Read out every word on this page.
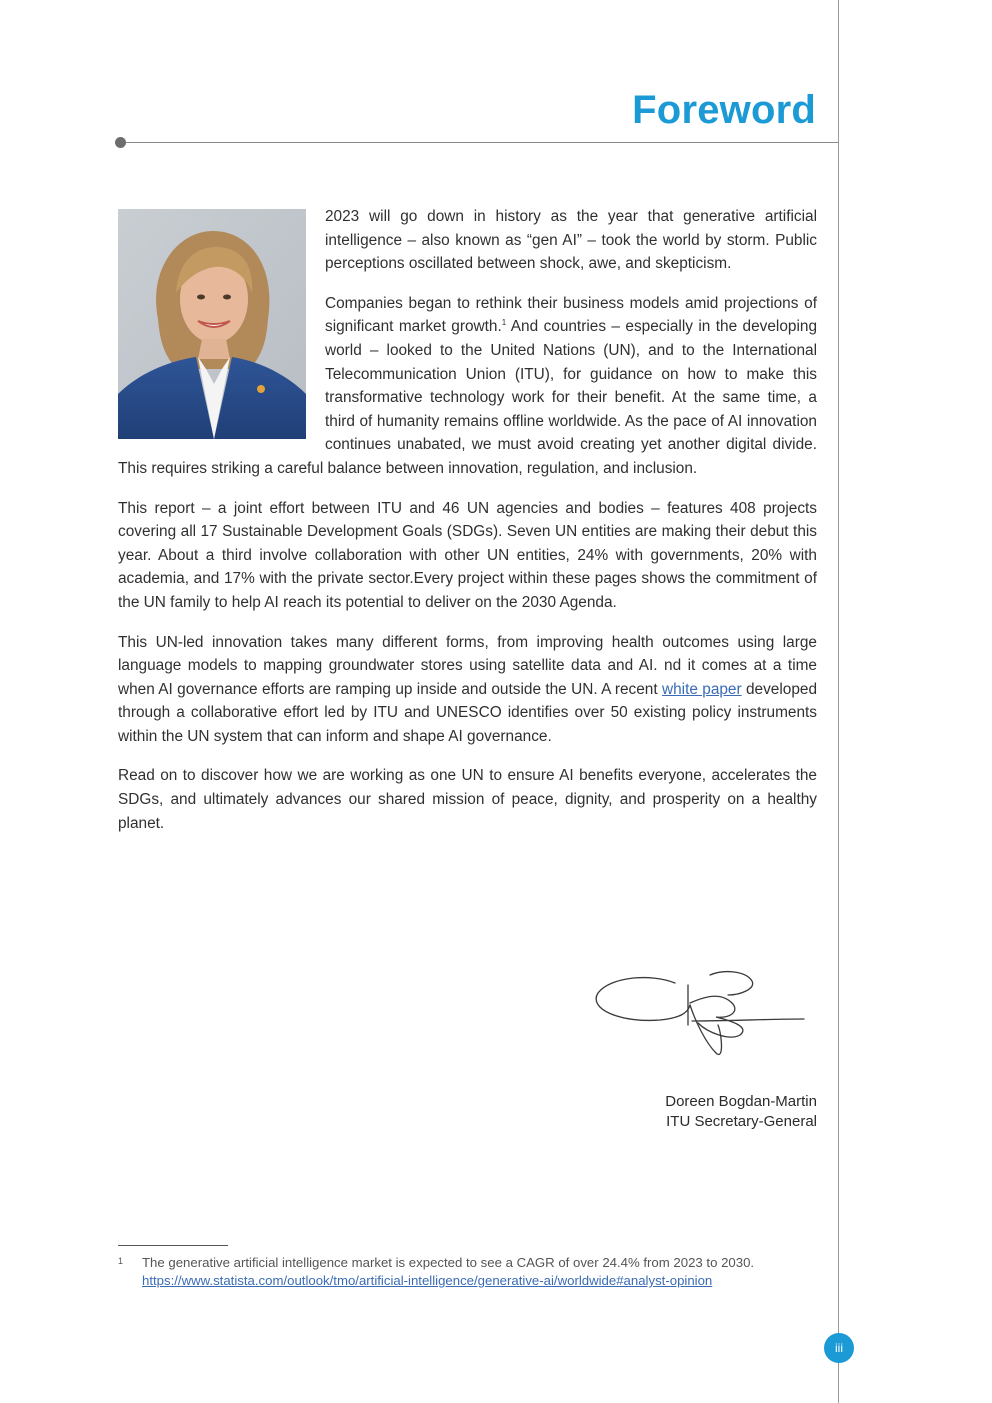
Foreword

2023 will go down in history as the year that generative artificial intelligence – also known as “gen AI” – took the world by storm. Public perceptions oscillated between shock, awe, and skepticism.

Companies began to rethink their business models amid projections of significant market growth.$^1$ And countries – especially in the developing world – looked to the United Nations (UN), and to the International Telecommunication Union (ITU), for guidance on how to make this transformative technology work for their benefit. At the same time, a third of humanity remains offline worldwide. As the pace of AI innovation continues unabated, we must avoid creating yet another digital divide. This requires striking a careful balance between innovation, regulation, and inclusion.

This report – a joint effort between ITU and 46 UN agencies and bodies – features 408 projects covering all 17 Sustainable Development Goals (SDGs). Seven UN entities are making their debut this year. About a third involve collaboration with other UN entities, 24% with governments, 20% with academia, and 17% with the private sector.Every project within these pages shows the commitment of the UN family to help AI reach its potential to deliver on the 2030 Agenda.

This UN-led innovation takes many different forms, from improving health outcomes using large language models to mapping groundwater stores using satellite data and AI. nd it comes at a time when AI governance efforts are ramping up inside and outside the UN. A recent white paper developed through a collaborative effort led by ITU and UNESCO identifies over 50 existing policy instruments within the UN system that can inform and shape AI governance.

Read on to discover how we are working as one UN to ensure AI benefits everyone, accelerates the SDGs, and ultimately advances our shared mission of peace, dignity, and prosperity on a healthy planet.

Doreen Bogdan-Martin
ITU Secretary-General
1 The generative artificial intelligence market is expected to see a CAGR of over 24.4% from 2023 to 2030.
https://www.statista.com/outlook/tmo/artificial-intelligence/generative-ai/worldwide#analyst-opinion
iii
